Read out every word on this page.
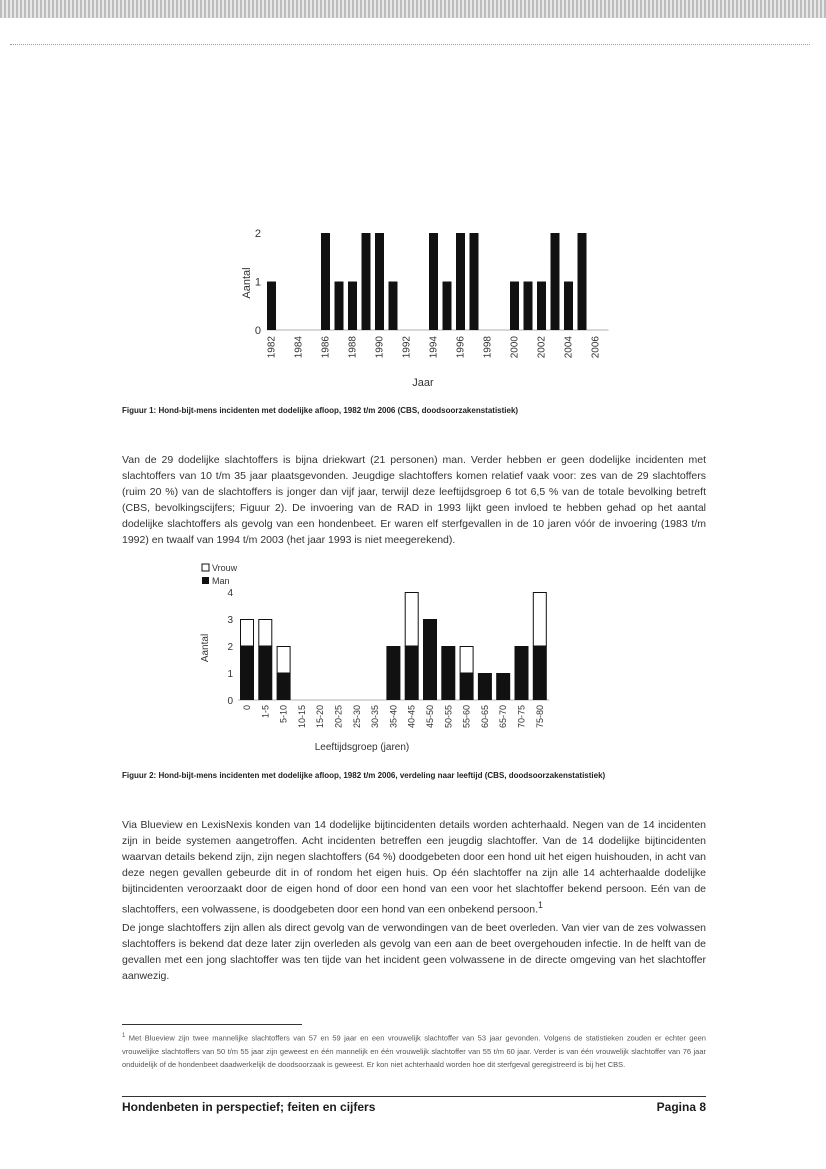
1982 1984 1986 1988 1990 1992 1994 1996 1998 2000 2002 2004 2006
0
1
2
Aantal
Jaar
Figuur 1: Hond-bijt-mens incidenten met dodelijke afloop, 1982 t/m 2006 (CBS, doodsoorzakenstatistiek)

Van de 29 dodelijke slachtoffers is bijna driekwart (21 personen) man. Verder hebben er geen dodelijke incidenten met slachtoffers van 10 t/m 35 jaar plaatsgevonden. Jeugdige slachtoffers komen relatief vaak voor: zes van de 29 slachtoffers (ruim 20 %) van de slachtoffers is jonger dan vijf jaar, terwijl deze leeftijdsgroep 6 tot 6,5 % van de totale bevolking betreft (CBS, bevolkingscijfers; Figuur 2). De invoering van de RAD in 1993 lijkt geen invloed te hebben gehad op het aantal dodelijke slachtoffers als gevolg van een hondenbeet. Er waren elf sterfgevallen in de 10 jaren vóór de invoering (1983 t/m 1992) en twaalf van 1994 t/m 2003 (het jaar 1993 is niet meegerekend).

Vrouw
Man
0 1-5 5-10 10-15 15-20 20-25 25-30 30-35 35-40 40-45 45-50 50-55 55-60 60-65 65-70 70-75 75-80
0
1
2
3
4
Aantal
Leeftijdsgroep (jaren)
Figuur 2: Hond-bijt-mens incidenten met dodelijke afloop, 1982 t/m 2006, verdeling naar leeftijd (CBS, doodsoorzakenstatistiek)

Via Blueview en LexisNexis konden van 14 dodelijke bijtincidenten details worden achterhaald. Negen van de 14 incidenten zijn in beide systemen aangetroffen. Acht incidenten betreffen een jeugdig slachtoffer. Van de 14 dodelijke bijtincidenten waarvan details bekend zijn, zijn negen slachtoffers (64 %) doodgebeten door een hond uit het eigen huishouden, in acht van deze negen gevallen gebeurde dit in of rondom het eigen huis. Op één slachtoffer na zijn alle 14 achterhaalde dodelijke bijtincidenten veroorzaakt door de eigen hond of door een hond van een voor het slachtoffer bekend persoon. Eén van de slachtoffers, een volwassene, is doodgebeten door een hond van een onbekend persoon.$^1$

De jonge slachtoffers zijn allen als direct gevolg van de verwondingen van de beet overleden. Van vier van de zes volwassen slachtoffers is bekend dat deze later zijn overleden als gevolg van een aan de beet overgehouden infectie. In de helft van de gevallen met een jong slachtoffer was ten tijde van het incident geen volwassene in de directe omgeving van het slachtoffer aanwezig.

$^1$ Met Blueview zijn twee mannelijke slachtoffers van 57 en 59 jaar en een vrouwelijk slachtoffer van 53 jaar gevonden. Volgens de statistieken zouden er echter geen vrouwelijke slachtoffers van 50 t/m 55 jaar zijn geweest en één mannelijk en één vrouwelijk slachtoffer van 55 t/m 60 jaar. Verder is van één vrouwelijk slachtoffer van 76 jaar onduidelijk of de hondenbeet daadwerkelijk de doodsoorzaak is geweest. Er kon niet achterhaald worden hoe dit sterfgeval geregistreerd is bij het CBS.

Hondenbeten in perspectief; feiten en cijfers	Pagina 8
